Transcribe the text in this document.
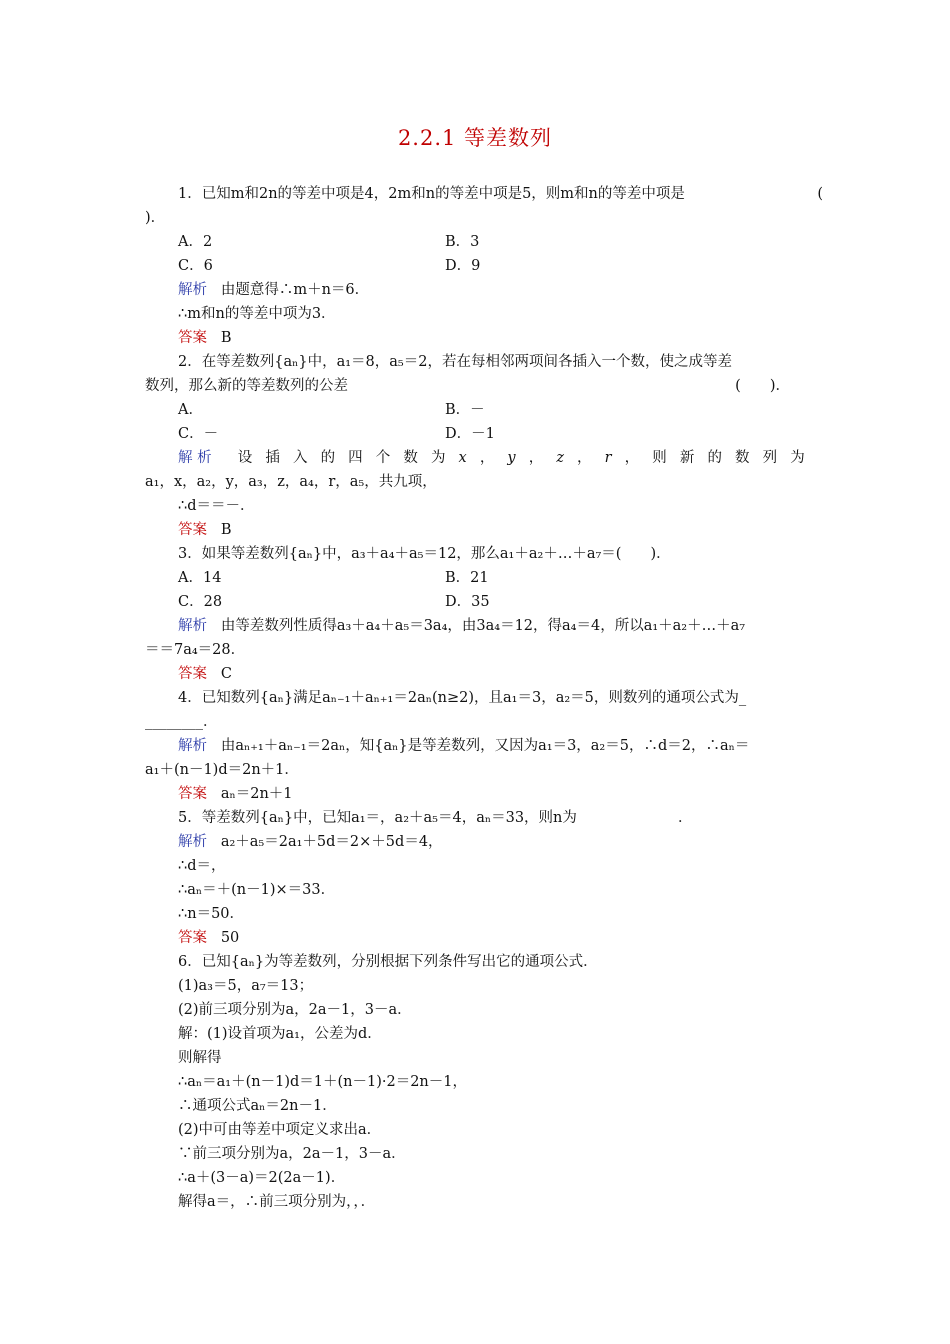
2.2.1 等差数列
1．已知m和2n的等差中项是4，2m和n的等差中项是5，则m和n的等差中项是	(
)．
A．2	B．3
C．6	D．9
解析 由题意得∴m＋n＝6．
∴m和n的等差中项为3．
答案 B
2．在等差数列{aₙ}中，a₁＝8，a₅＝2，若在每相邻两项间各插入一个数，使之成等差
数列，那么新的等差数列的公差	(　　)．
A．	B．－
C．－	D．－1
解 析 设 插 入 的 四 个 数 为 x ， y ， z ， r ， 则 新 的 数 列 为
a₁，x，a₂，y，a₃，z，a₄，r，a₅，共九项，
∴d＝＝－．
答案 B
3．如果等差数列{aₙ}中，a₃＋a₄＋a₅＝12，那么a₁＋a₂＋…＋a₇＝(　　)．
A．14	B．21
C．28	D．35
解析 由等差数列性质得a₃＋a₄＋a₅＝3a₄，由3a₄＝12，得a₄＝4，所以a₁＋a₂＋…＋a₇
＝＝7a₄＝28．
答案 C
4．已知数列{aₙ}满足aₙ₋₁＋aₙ₊₁＝2aₙ(n≥2)，且a₁＝3，a₂＝5，则数列的通项公式为_
________．
解析 由aₙ₊₁＋aₙ₋₁＝2aₙ，知{aₙ}是等差数列，又因为a₁＝3，a₂＝5，∴d＝2，∴aₙ＝
a₁＋(n－1)d＝2n＋1．
答案 aₙ＝2n＋1
5．等差数列{aₙ}中，已知a₁＝，a₂＋a₅＝4，aₙ＝33，则n为	．
解析 a₂＋a₅＝2a₁＋5d＝2×＋5d＝4，
∴d＝，
∴aₙ＝＋(n－1)×＝33．
∴n＝50．
答案 50
6．已知{aₙ}为等差数列，分别根据下列条件写出它的通项公式．
(1)a₃＝5，a₇＝13；
(2)前三项分别为a，2a－1，3－a．
解：(1)设首项为a₁，公差为d．
则解得
∴aₙ＝a₁＋(n－1)d＝1＋(n－1)·2＝2n－1，
∴通项公式aₙ＝2n－1．
(2)中可由等差中项定义求出a．
∵前三项分别为a，2a－1，3－a．
∴a＋(3－a)＝2(2a－1)．
解得a＝，∴前三项分别为，，．
